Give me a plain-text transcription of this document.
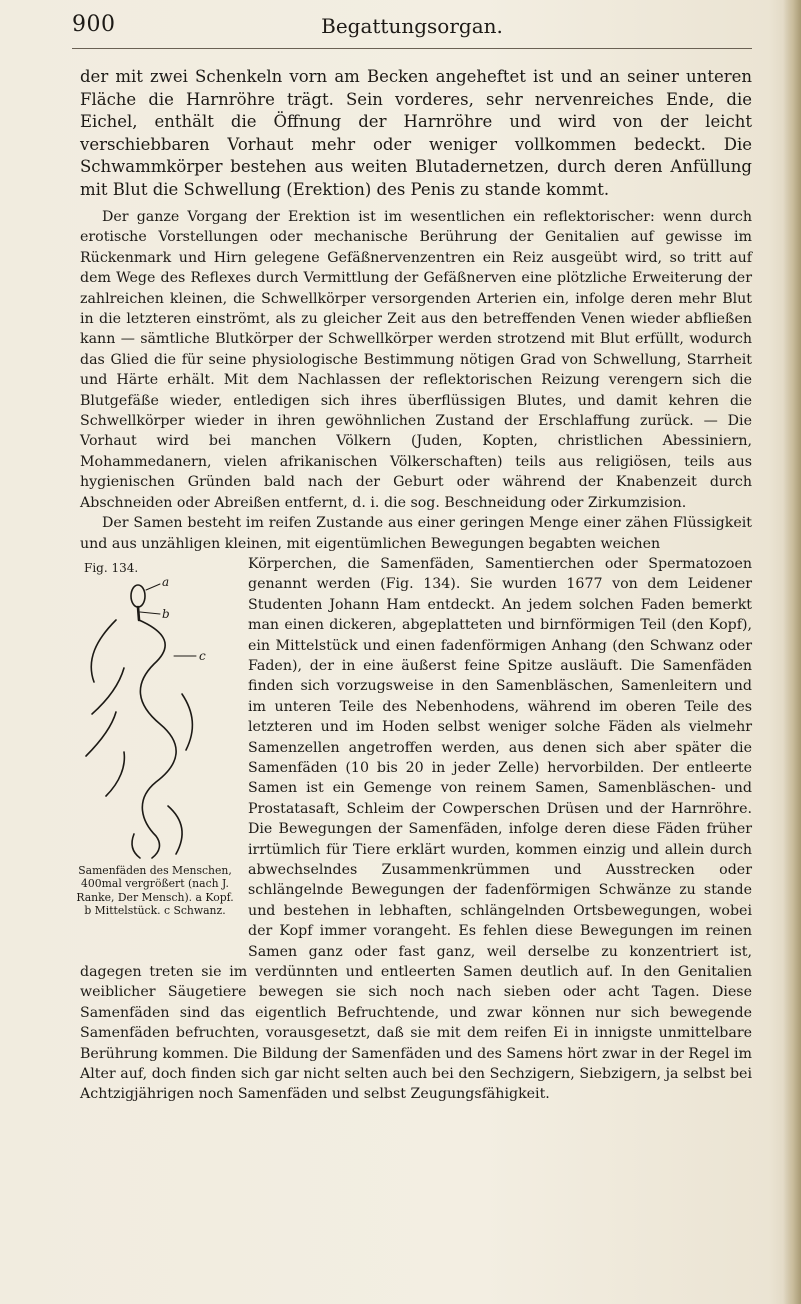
900	Begattungsorgan.

der mit zwei Schenkeln vorn am Becken angeheftet ist und an seiner unteren Fläche die Harnröhre trägt. Sein vorderes, sehr nervenreiches Ende, die Eichel, enthält die Öffnung der Harnröhre und wird von der leicht verschiebbaren Vorhaut mehr oder weniger vollkommen bedeckt. Die Schwammkörper bestehen aus weiten Blutadernetzen, durch deren Anfüllung mit Blut die Schwellung (Erektion) des Penis zu stande kommt.

Der ganze Vorgang der Erektion ist im wesentlichen ein reflektorischer: wenn durch erotische Vorstellungen oder mechanische Berührung der Genitalien auf gewisse im Rückenmark und Hirn gelegene Gefäßnervenzentren ein Reiz ausgeübt wird, so tritt auf dem Wege des Reflexes durch Vermittlung der Gefäßnerven eine plötzliche Erweiterung der zahlreichen kleinen, die Schwellkörper versorgenden Arterien ein, infolge deren mehr Blut in die letzteren einströmt, als zu gleicher Zeit aus den betreffenden Venen wieder abfließen kann — sämtliche Blutkörper der Schwellkörper werden strotzend mit Blut erfüllt, wodurch das Glied die für seine physiologische Bestimmung nötigen Grad von Schwellung, Starrheit und Härte erhält. Mit dem Nachlassen der reflektorischen Reizung verengern sich die Blutgefäße wieder, entledigen sich ihres überflüssigen Blutes, und damit kehren die Schwellkörper wieder in ihren gewöhnlichen Zustand der Erschlaffung zurück. — Die Vorhaut wird bei manchen Völkern (Juden, Kopten, christlichen Abessiniern, Mohammedanern, vielen afrikanischen Völkerschaften) teils aus religiösen, teils aus hygienischen Gründen bald nach der Geburt oder während der Knabenzeit durch Abschneiden oder Abreißen entfernt, d. i. die sog. Beschneidung oder Zirkumzision.

Der Samen besteht im reifen Zustande aus einer geringen Menge einer zähen Flüssigkeit und aus unzähligen kleinen, mit eigentümlichen Bewegungen begabten weichen

Fig. 134.
a
b
c
Samenfäden des Menschen, 400mal vergrößert (nach J. Ranke, Der Mensch). a Kopf. b Mittelstück. c Schwanz.

Körperchen, die Samenfäden, Samentierchen oder Spermatozoen genannt werden (Fig. 134). Sie wurden 1677 von dem Leidener Studenten Johann Ham entdeckt. An jedem solchen Faden bemerkt man einen dickeren, abgeplatteten und birnförmigen Teil (den Kopf), ein Mittelstück und einen fadenförmigen Anhang (den Schwanz oder Faden), der in eine äußerst feine Spitze ausläuft. Die Samenfäden finden sich vorzugsweise in den Samenbläschen, Samenleitern und im unteren Teile des Nebenhodens, während im oberen Teile des letzteren und im Hoden selbst weniger solche Fäden als vielmehr Samenzellen angetroffen werden, aus denen sich aber später die Samenfäden (10 bis 20 in jeder Zelle) hervorbilden. Der entleerte Samen ist ein Gemenge von reinem Samen, Samenbläschen- und Prostatasaft, Schleim der Cowperschen Drüsen und der Harnröhre. Die Bewegungen der Samenfäden, infolge deren diese Fäden früher irrtümlich für Tiere erklärt wurden, kommen einzig und allein durch abwechselndes Zusammenkrümmen und Ausstrecken oder schlängelnde Bewegungen der fadenförmigen Schwänze zu stande und bestehen in lebhaften, schlängelnden Ortsbewegungen, wobei der Kopf immer vorangeht. Es fehlen diese Bewegungen im reinen Samen ganz oder fast ganz, weil derselbe zu konzentriert ist, dagegen treten sie im verdünnten und entleerten Samen deutlich auf. In den Genitalien weiblicher Säugetiere bewegen sie sich noch nach sieben oder acht Tagen. Diese Samenfäden sind das eigentlich Befruchtende, und zwar können nur sich bewegende Samenfäden befruchten, vorausgesetzt, daß sie mit dem reifen Ei in innigste unmittelbare Berührung kommen. Die Bildung der Samenfäden und des Samens hört zwar in der Regel im Alter auf, doch finden sich gar nicht selten auch bei den Sechzigern, Siebzigern, ja selbst bei Achtzigjährigen noch Samenfäden und selbst Zeugungsfähigkeit.
